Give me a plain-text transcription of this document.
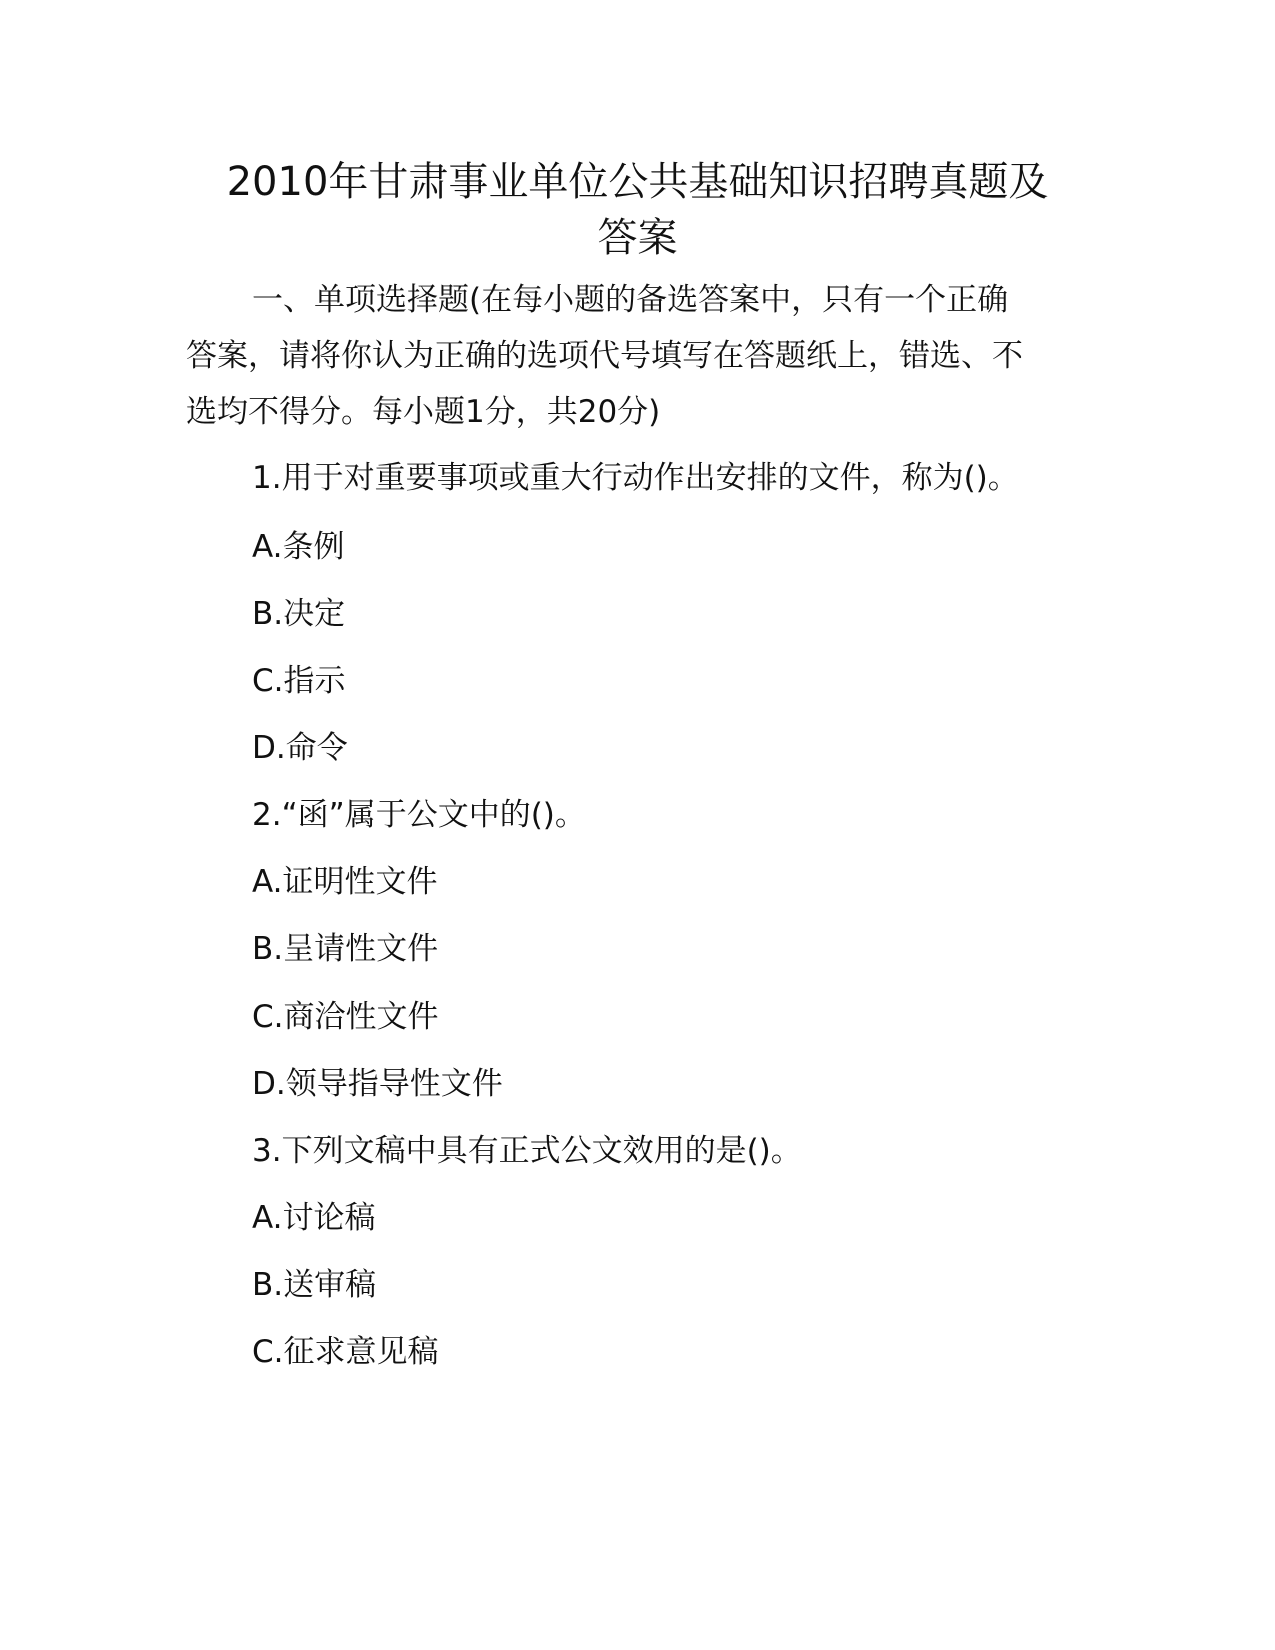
2010年甘肃事业单位公共基础知识招聘真题及
答案

一、单项选择题(在每小题的备选答案中，只有一个正确

答案，请将你认为正确的选项代号填写在答题纸上，错选、不

选均不得分。每小题1分，共20分)

1.用于对重要事项或重大行动作出安排的文件，称为()。

A.条例

B.决定

C.指示

D.命令

2.“函”属于公文中的()。

A.证明性文件

B.呈请性文件

C.商洽性文件

D.领导指导性文件

3.下列文稿中具有正式公文效用的是()。

A.讨论稿

B.送审稿

C.征求意见稿
